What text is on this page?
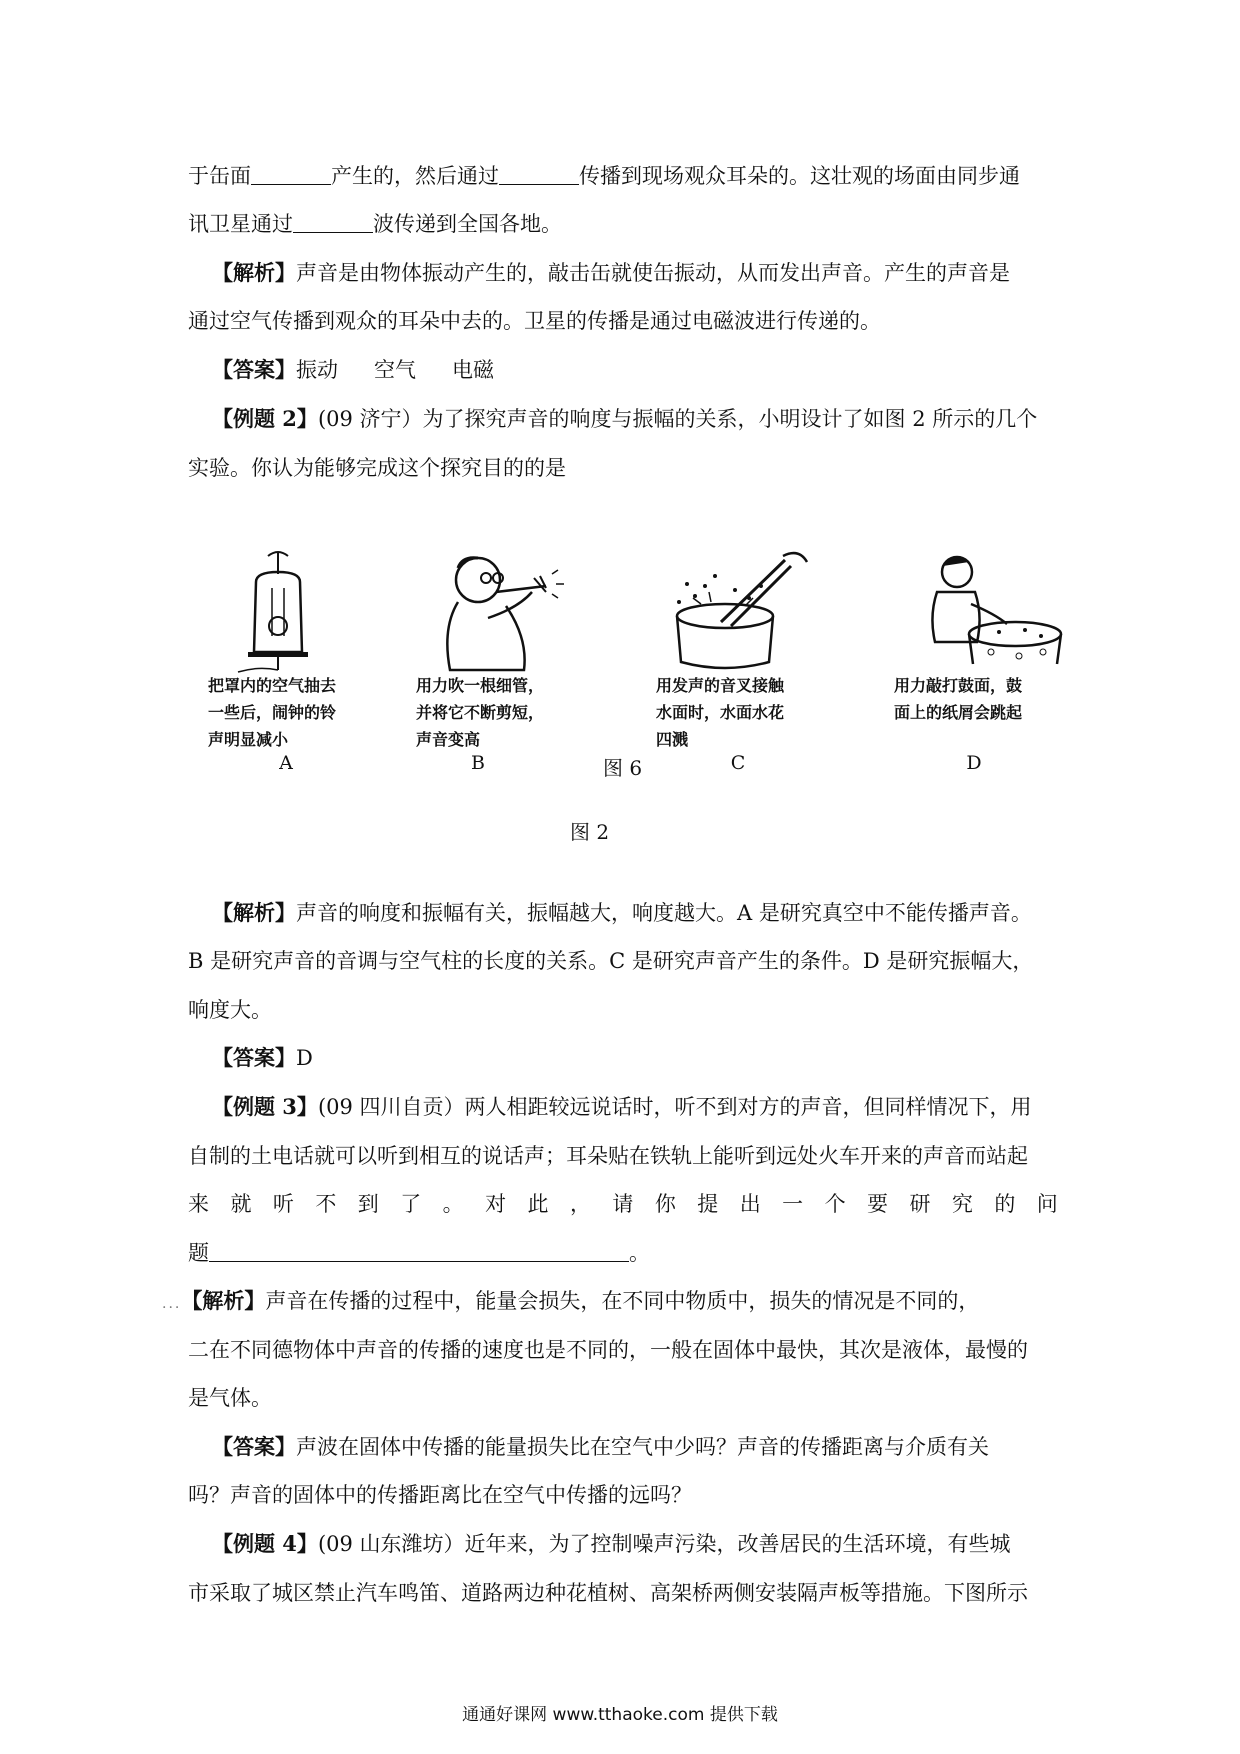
于缶面	产生的，然后通过	传播到现场观众耳朵的。这壮观的场面由同步通
讯卫星通过	波传递到全国各地。
【解析】声音是由物体振动产生的，敲击缶就使缶振动，从而发出声音。产生的声音是
通过空气传播到观众的耳朵中去的。卫星的传播是通过电磁波进行传递的。
【答案】振动 空气 电磁
【例题 2】(09 济宁）为了探究声音的响度与振幅的关系，小明设计了如图 2 所示的几个
实验。你认为能够完成这个探究目的的是
把罩内的空气抽去
一些后，闹钟的铃
声明显减小
A
用力吹一根细管，
并将它不断剪短，
声音变高
B	图 6
用发声的音叉接触
水面时，水面水花
四溅
C
用力敲打鼓面，鼓
面上的纸屑会跳起
D
图 2
【解析】声音的响度和振幅有关，振幅越大，响度越大。A 是研究真空中不能传播声音。
B 是研究声音的音调与空气柱的长度的关系。C 是研究声音产生的条件。D 是研究振幅大，
响度大。
【答案】D
【例题 3】(09 四川自贡）两人相距较远说话时，听不到对方的声音，但同样情况下，用
自制的土电话就可以听到相互的说话声；耳朵贴在铁轨上能听到远处火车开来的声音而站起
来 就 听 不 到 了 。 对 此 ， 请 你 提 出 一 个 要 研 究 的 问
题	。
...【解析】声音在传播的过程中，能量会损失，在不同中物质中，损失的情况是不同的，
二在不同德物体中声音的传播的速度也是不同的，一般在固体中最快，其次是液体，最慢的
是气体。
【答案】声波在固体中传播的能量损失比在空气中少吗？声音的传播距离与介质有关
吗？声音的固体中的传播距离比在空气中传播的远吗？
【例题 4】(09 山东潍坊）近年来，为了控制噪声污染，改善居民的生活环境，有些城
市采取了城区禁止汽车鸣笛、道路两边种花植树、高架桥两侧安装隔声板等措施。下图所示
通通好课网 www.tthaoke.com 提供下载
